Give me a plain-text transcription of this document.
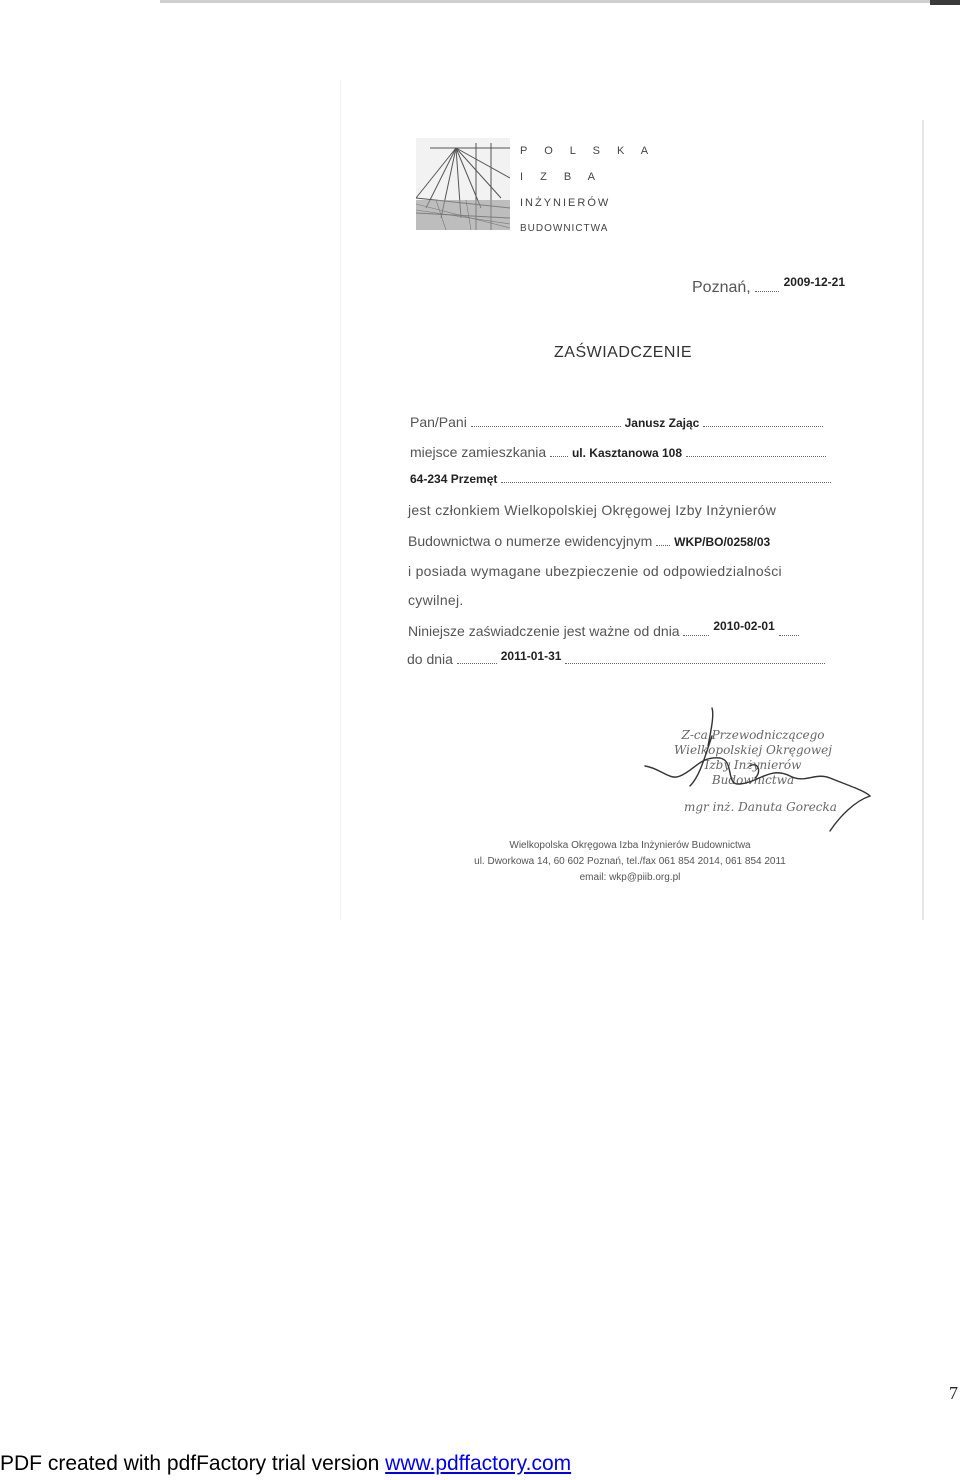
P O L S K A
I Z B A
INŻYNIERÓW
BUDOWNICTWA
Poznań,	$^{2009-12-21}$
ZAŚWIADCZENIE
Pan/Pani	Janusz Zając
miejsce zamieszkania ul. Kasztanowa 108
64-234 Przemęt
jest członkiem Wielkopolskiej Okręgowej Izby Inżynierów
Budownictwa o numerze ewidencyjnym WKP/BO/0258/03
i posiada wymagane ubezpieczenie od odpowiedzialności
cywilnej.
Niniejsze zaświadczenie jest ważne od dnia	2010-02-01
do dnia	2011-01-31
Z-ca Przewodniczącego
Wielkopolskiej Okręgowej
Izby Inżynierów Budownictwa
mgr inż. Danuta Gorecka
Wielkopolska Okręgowa Izba Inżynierów Budownictwa
ul. Dworkowa 14, 60 602 Poznań, tel./fax 061 854 2014, 061 854 2011
email: wkp@piib.org.pl
7
PDF created with pdfFactory trial version www.pdffactory.com
